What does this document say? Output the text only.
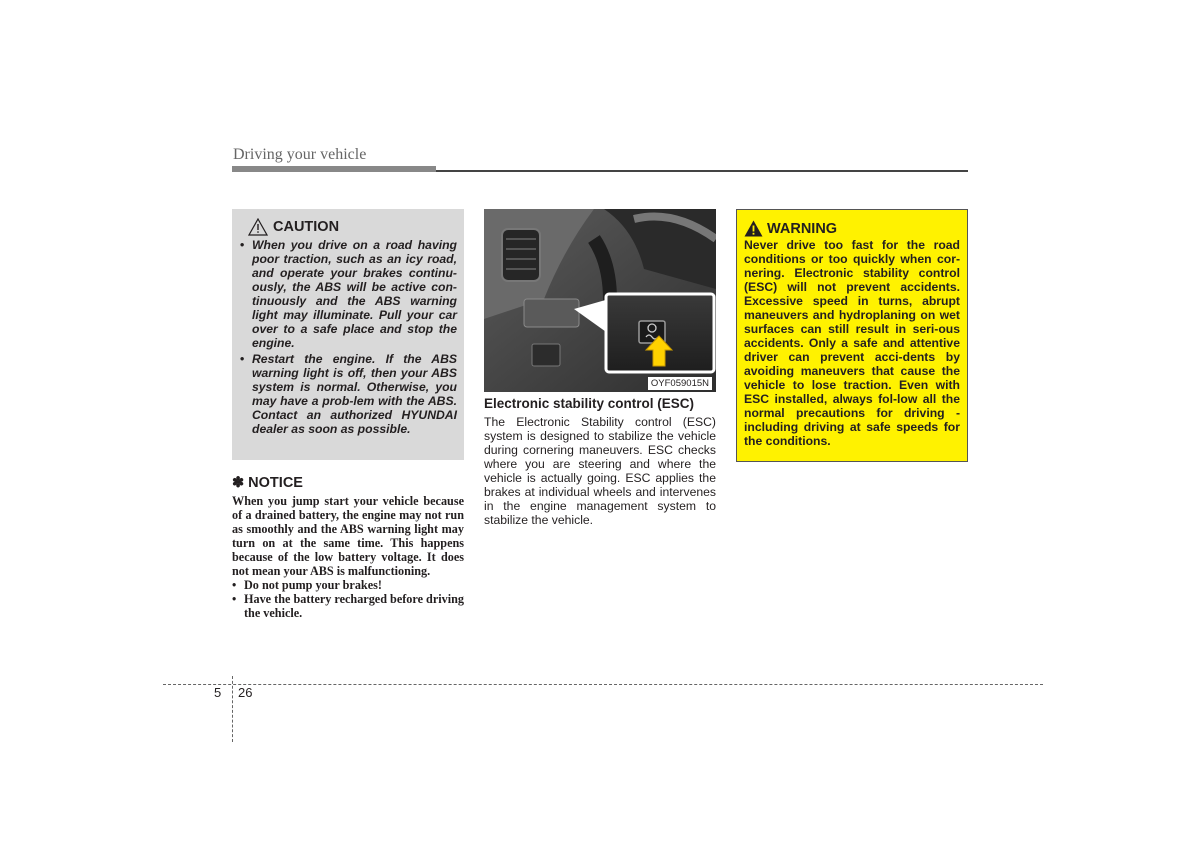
Driving your vehicle
CAUTION
• When you drive on a road having poor traction, such as an icy road, and operate your brakes continu-ously, the ABS will be active con-tinuously and the ABS warning light may illuminate. Pull your car over to a safe place and stop the engine.
• Restart the engine. If the ABS warning light is off, then your ABS system is normal. Otherwise, you may have a prob-lem with the ABS. Contact an authorized HYUNDAI dealer as soon as possible.
✽ NOTICE

When you jump start your vehicle because of a drained battery, the engine may not run as smoothly and the ABS warning light may turn on at the same time. This happens because of the low battery voltage. It does not mean your ABS is malfunctioning.

• Do not pump your brakes!
• Have the battery recharged before driving the vehicle.
OYF059015N
Electronic stability control (ESC)

The Electronic Stability control (ESC) system is designed to stabilize the vehicle during cornering maneuvers. ESC checks where you are steering and where the vehicle is actually going. ESC applies the brakes at individual wheels and intervenes in the engine management system to stabilize the vehicle.

WARNING

Never drive too fast for the road conditions or too quickly when cor-nering. Electronic stability control (ESC) will not prevent accidents. Excessive speed in turns, abrupt maneuvers and hydroplaning on wet surfaces can still result in seri-ous accidents. Only a safe and attentive driver can prevent acci-dents by avoiding maneuvers that cause the vehicle to lose traction. Even with ESC installed, always fol-low all the normal precautions for driving - including driving at safe speeds for the conditions.

5 26
